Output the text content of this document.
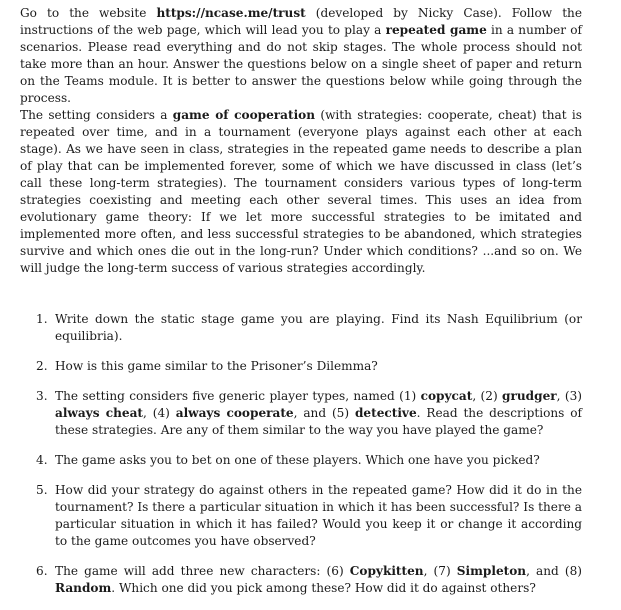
Go to the website https://ncase.me/trust (developed by Nicky Case). Follow the instructions of the web page, which will lead you to play a repeated game in a number of scenarios. Please read everything and do not skip stages. The whole process should not take more than an hour. Answer the questions below on a single sheet of paper and return on the Teams module. It is better to answer the questions below while going through the process.

The setting considers a game of cooperation (with strategies: cooperate, cheat) that is repeated over time, and in a tournament (everyone plays against each other at each stage). As we have seen in class, strategies in the repeated game needs to describe a plan of play that can be implemented forever, some of which we have discussed in class (let’s call these long-term strategies). The tournament considers various types of long-term strategies coexisting and meeting each other several times. This uses an idea from evolutionary game theory: If we let more successful strategies to be imitated and implemented more often, and less successful strategies to be abandoned, which strategies survive and which ones die out in the long-run? Under which conditions? ...and so on. We will judge the long-term success of various strategies accordingly.

1. Write down the static stage game you are playing. Find its Nash Equilibrium (or equilibria).
2. How is this game similar to the Prisoner’s Dilemma?
3. The setting considers five generic player types, named (1) copycat, (2) grudger, (3) always cheat, (4) always cooperate, and (5) detective. Read the descriptions of these strategies. Are any of them similar to the way you have played the game?
4. The game asks you to bet on one of these players. Which one have you picked?
5. How did your strategy do against others in the repeated game? How did it do in the tournament? Is there a particular situation in which it has been successful? Is there a particular situation in which it has failed? Would you keep it or change it according to the game outcomes you have observed?
6. The game will add three new characters: (6) Copykitten, (7) Simpleton, and (8) Random. Which one did you pick among these? How did it do against others?
